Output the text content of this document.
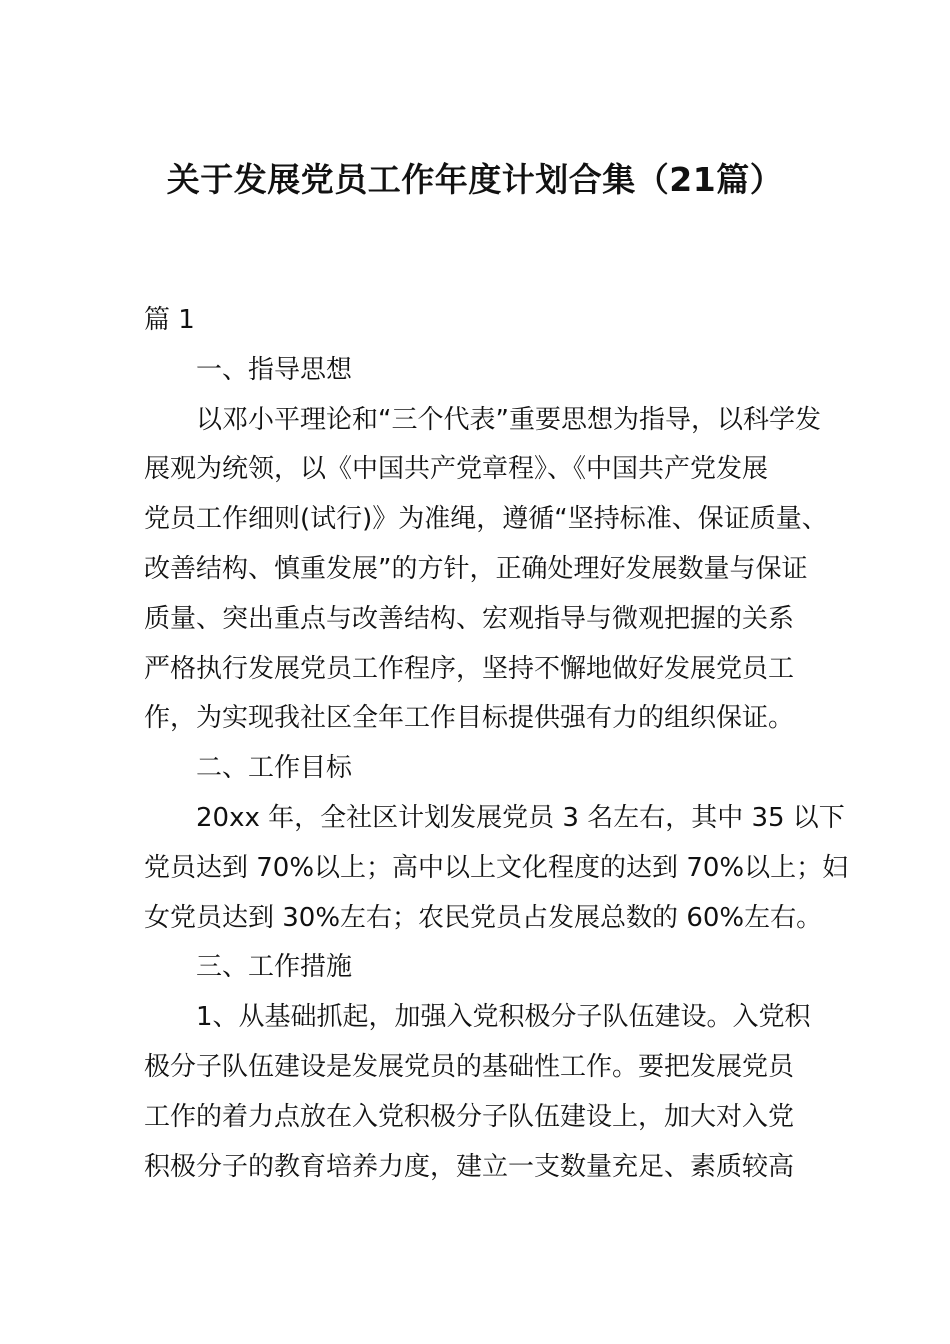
关于发展党员工作年度计划合集（21篇）

篇 1

一、指导思想

以邓小平理论和“三个代表”重要思想为指导，以科学发

展观为统领，以《中国共产党章程》、《中国共产党发展

党员工作细则(试行)》为准绳，遵循“坚持标准、保证质量、

改善结构、慎重发展”的方针，正确处理好发展数量与保证

质量、突出重点与改善结构、宏观指导与微观把握的关系

严格执行发展党员工作程序，坚持不懈地做好发展党员工

作，为实现我社区全年工作目标提供强有力的组织保证。

二、工作目标

20xx 年，全社区计划发展党员 3 名左右，其中 35 以下

党员达到 70%以上；高中以上文化程度的达到 70%以上；妇

女党员达到 30%左右；农民党员占发展总数的 60%左右。

三、工作措施

1、从基础抓起，加强入党积极分子队伍建设。入党积

极分子队伍建设是发展党员的基础性工作。要把发展党员

工作的着力点放在入党积极分子队伍建设上，加大对入党

积极分子的教育培养力度，建立一支数量充足、素质较高
